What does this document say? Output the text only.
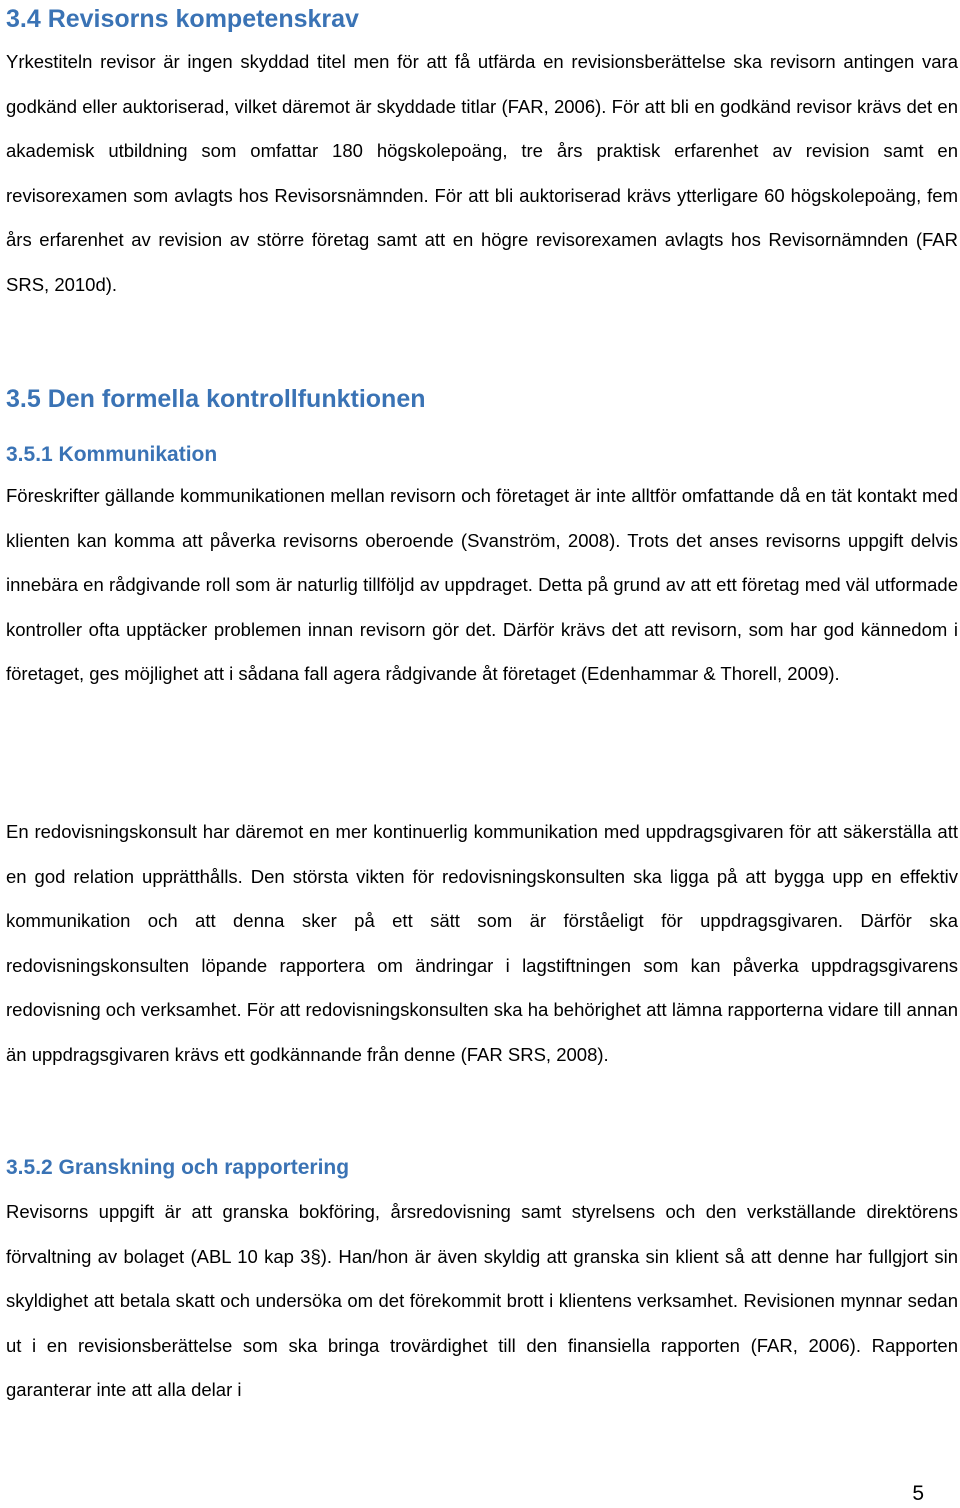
3.4 Revisorns kompetenskrav

Yrkestiteln revisor är ingen skyddad titel men för att få utfärda en revisionsberättelse ska revisorn antingen vara godkänd eller auktoriserad, vilket däremot är skyddade titlar (FAR, 2006). För att bli en godkänd revisor krävs det en akademisk utbildning som omfattar 180 högskolepoäng, tre års praktisk erfarenhet av revision samt en revisorexamen som avlagts hos Revisorsnämnden. För att bli auktoriserad krävs ytterligare 60 högskolepoäng, fem års erfarenhet av revision av större företag samt att en högre revisorexamen avlagts hos Revisornämnden (FAR SRS, 2010d).

3.5 Den formella kontrollfunktionen
3.5.1 Kommunikation

Föreskrifter gällande kommunikationen mellan revisorn och företaget är inte alltför omfattande då en tät kontakt med klienten kan komma att påverka revisorns oberoende (Svanström, 2008). Trots det anses revisorns uppgift delvis innebära en rådgivande roll som är naturlig tillföljd av uppdraget. Detta på grund av att ett företag med väl utformade kontroller ofta upptäcker problemen innan revisorn gör det. Därför krävs det att revisorn, som har god kännedom i företaget, ges möjlighet att i sådana fall agera rådgivande åt företaget (Edenhammar & Thorell, 2009).

En redovisningskonsult har däremot en mer kontinuerlig kommunikation med uppdragsgivaren för att säkerställa att en god relation upprätthålls. Den största vikten för redovisningskonsulten ska ligga på att bygga upp en effektiv kommunikation och att denna sker på ett sätt som är förståeligt för uppdragsgivaren. Därför ska redovisningskonsulten löpande rapportera om ändringar i lagstiftningen som kan påverka uppdragsgivarens redovisning och verksamhet. För att redovisningskonsulten ska ha behörighet att lämna rapporterna vidare till annan än uppdragsgivaren krävs ett godkännande från denne (FAR SRS, 2008).

3.5.2 Granskning och rapportering

Revisorns uppgift är att granska bokföring, årsredovisning samt styrelsens och den verkställande direktörens förvaltning av bolaget (ABL 10 kap 3§). Han/hon är även skyldig att granska sin klient så att denne har fullgjort sin skyldighet att betala skatt och undersöka om det förekommit brott i klientens verksamhet. Revisionen mynnar sedan ut i en revisionsberättelse som ska bringa trovärdighet till den finansiella rapporten (FAR, 2006). Rapporten garanterar inte att alla delar i

5
